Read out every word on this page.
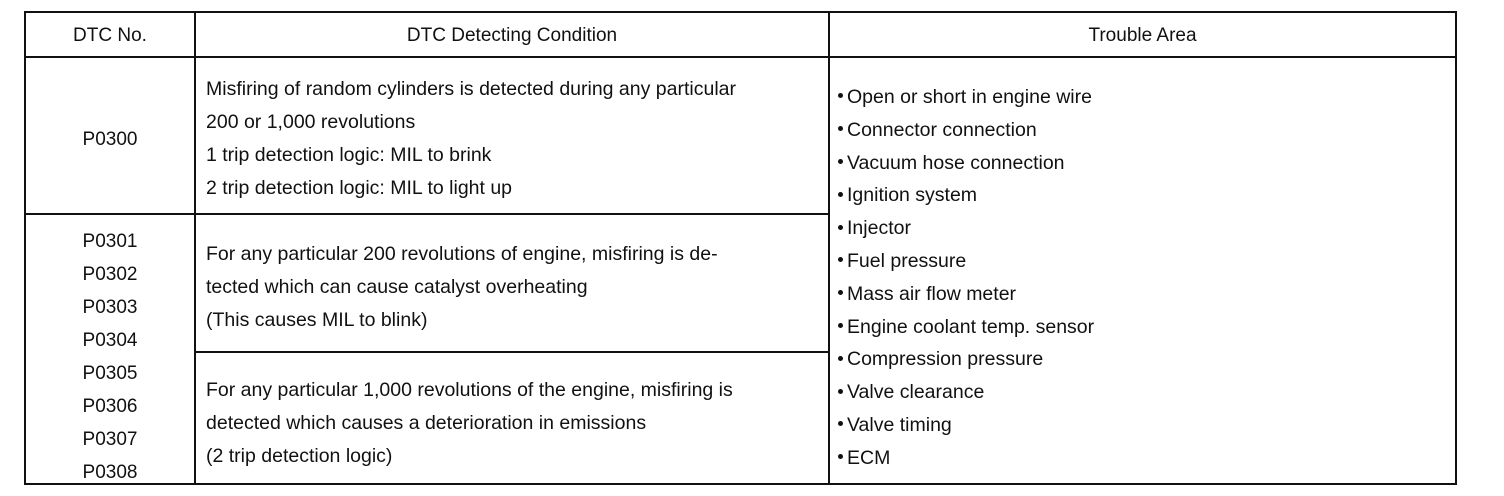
DTC No.	DTC Detecting Condition	Trouble Area
P0300
Misfiring of random cylinders is detected during any particular
200 or 1,000 revolutions
1 trip detection logic: MIL to brink
2 trip detection logic: MIL to light up
P0301
P0302
P0303
P0304
P0305
P0306
P0307
P0308
For any particular 200 revolutions of engine, misfiring is de-
tected which can cause catalyst overheating
(This causes MIL to blink)
For any particular 1,000 revolutions of the engine, misfiring is
detected which causes a deterioration in emissions
(2 trip detection logic)
Open or short in engine wire
Connector connection
Vacuum hose connection
Ignition system
Injector
Fuel pressure
Mass air flow meter
Engine coolant temp. sensor
Compression pressure
Valve clearance
Valve timing
ECM
